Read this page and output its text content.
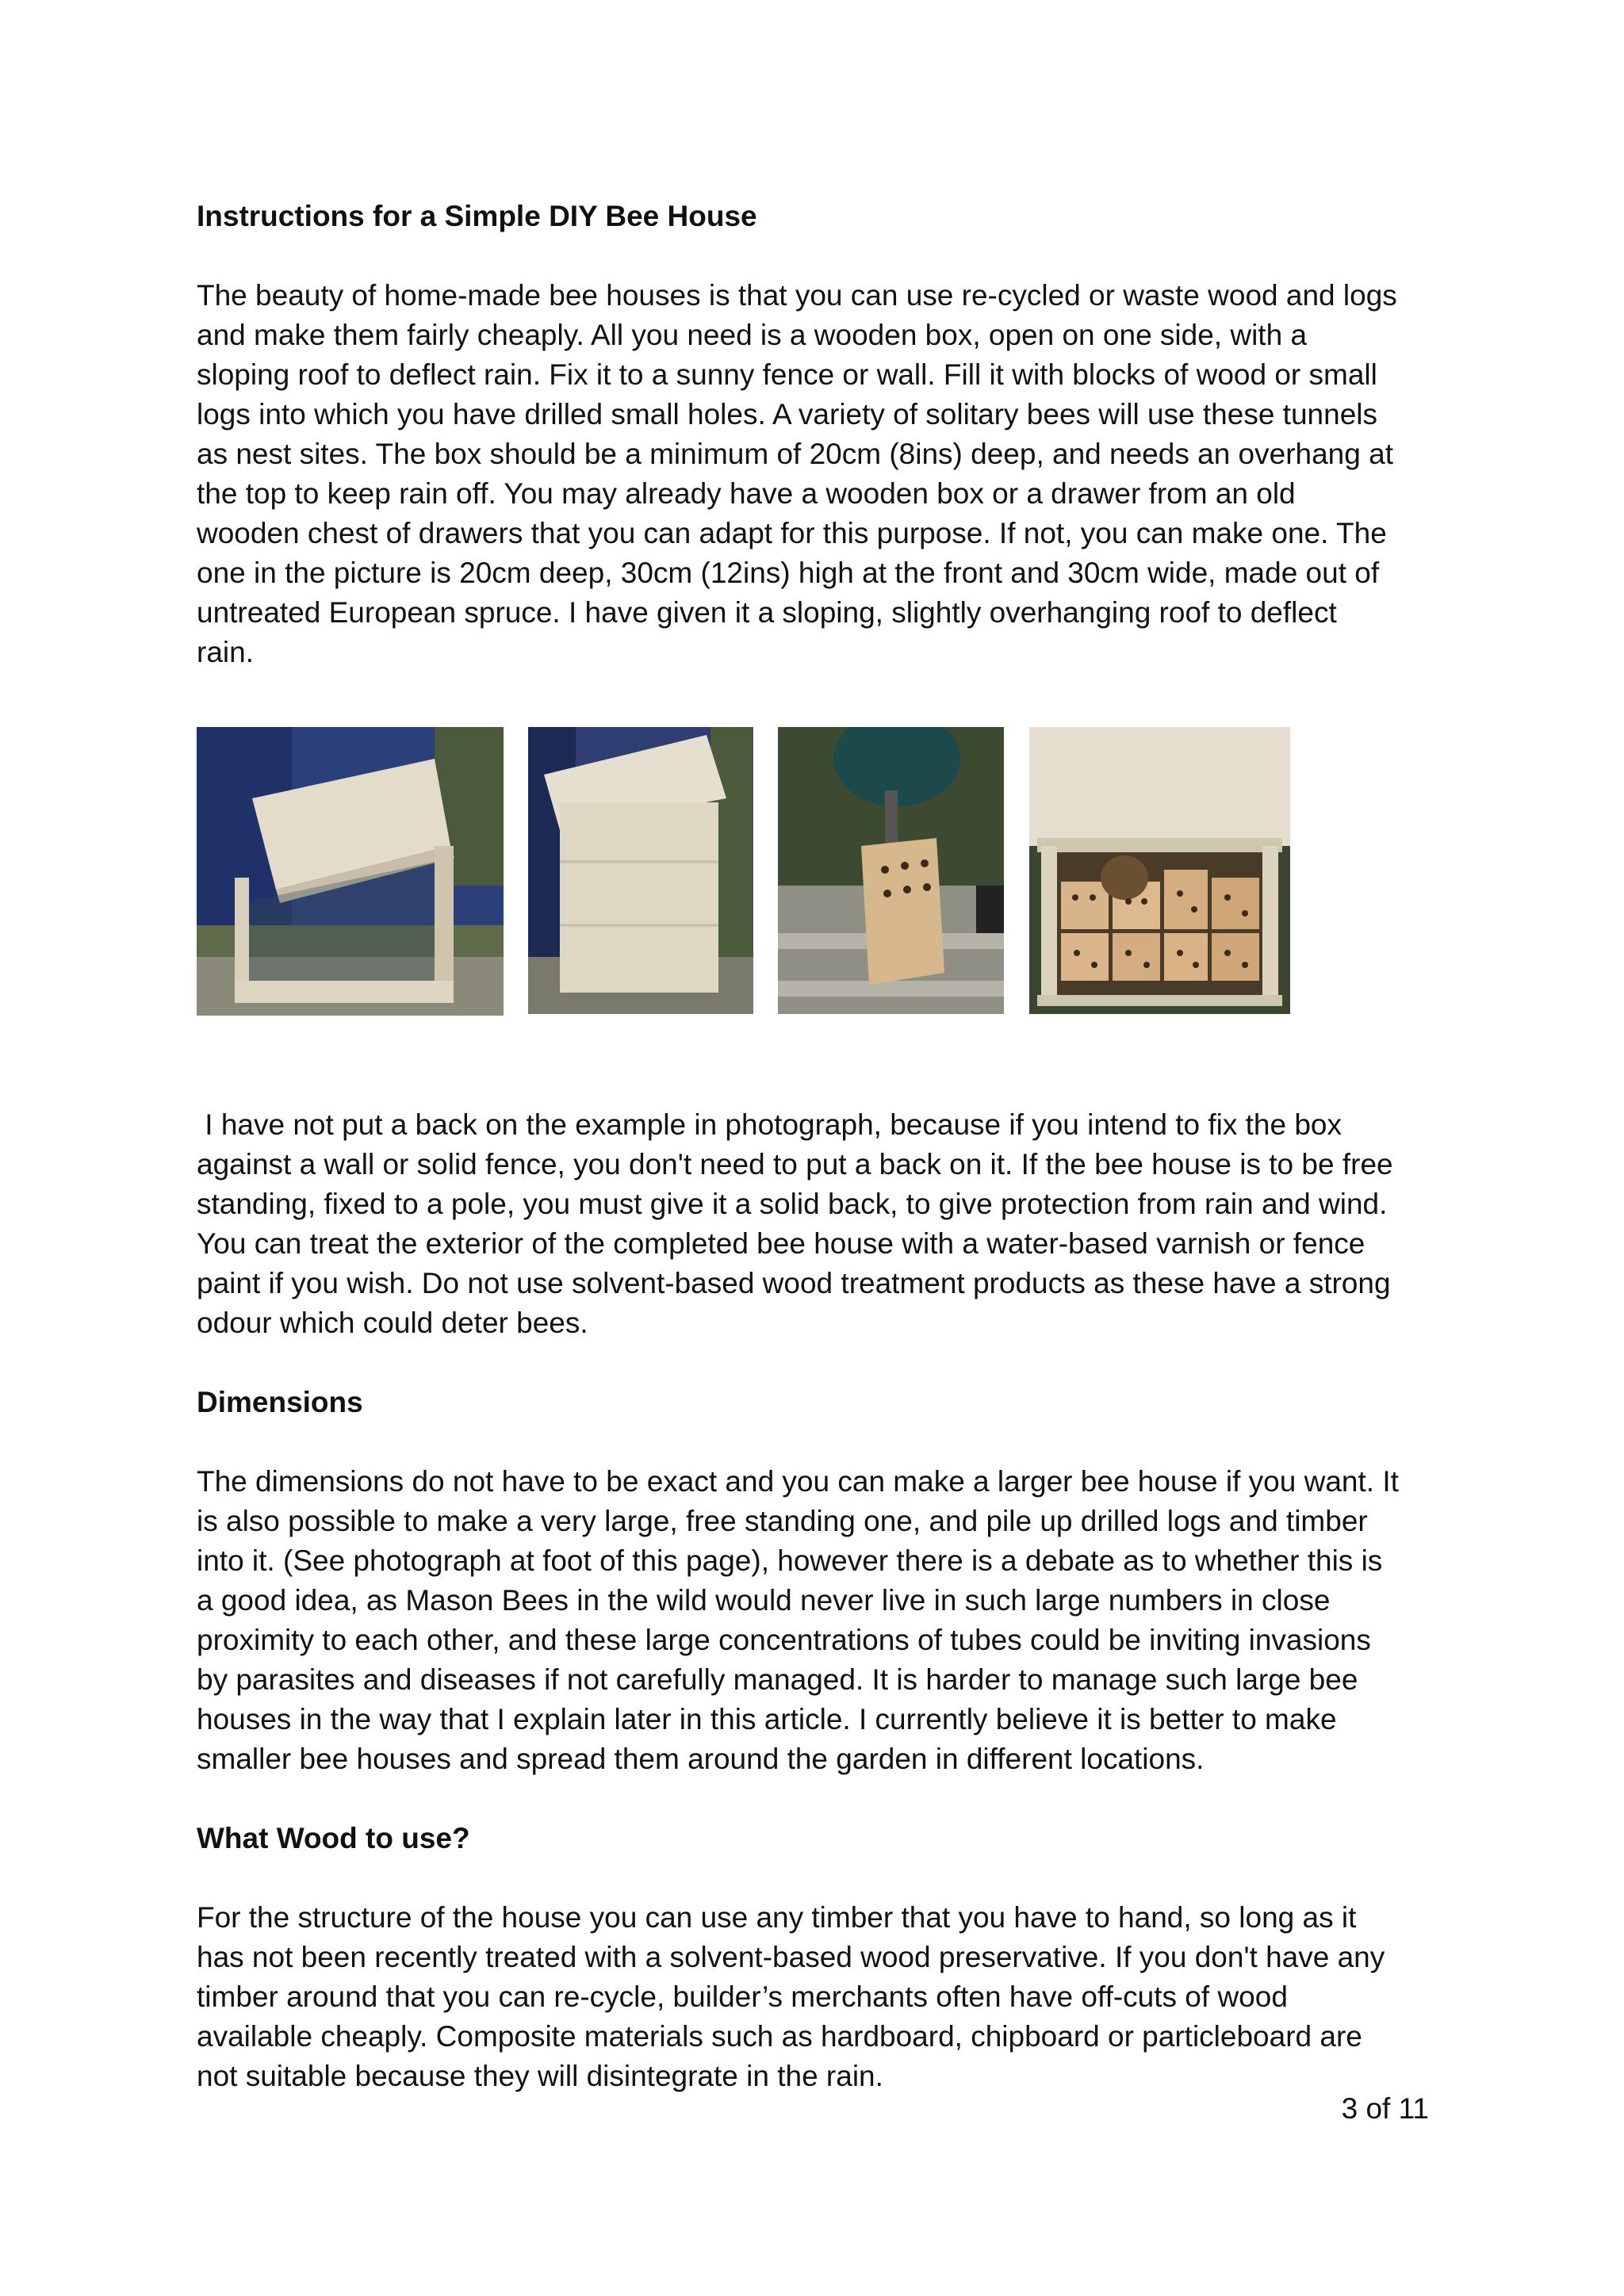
Instructions for a Simple DIY Bee House

The beauty of home-made bee houses is that you can use re-cycled or waste wood and logs

and make them fairly cheaply. All you need is a wooden box, open on one side, with a

sloping roof to deflect rain. Fix it to a sunny fence or wall. Fill it with blocks of wood or small

logs into which you have drilled small holes. A variety of solitary bees will use these tunnels

as nest sites. The box should be a minimum of 20cm (8ins) deep, and needs an overhang at

the top to keep rain off. You may already have a wooden box or a drawer from an old

wooden chest of drawers that you can adapt for this purpose. If not, you can make one. The

one in the picture is 20cm deep, 30cm (12ins) high at the front and 30cm wide, made out of

untreated European spruce. I have given it a sloping, slightly overhanging roof to deflect

rain.

I have not put a back on the example in photograph, because if you intend to fix the box

against a wall or solid fence, you don't need to put a back on it. If the bee house is to be free

standing, fixed to a pole, you must give it a solid back, to give protection from rain and wind.

You can treat the exterior of the completed bee house with a water-based varnish or fence

paint if you wish. Do not use solvent-based wood treatment products as these have a strong

odour which could deter bees.

Dimensions

The dimensions do not have to be exact and you can make a larger bee house if you want. It

is also possible to make a very large, free standing one, and pile up drilled logs and timber

into it. (See photograph at foot of this page), however there is a debate as to whether this is

a good idea, as Mason Bees in the wild would never live in such large numbers in close

proximity to each other, and these large concentrations of tubes could be inviting invasions

by parasites and diseases if not carefully managed. It is harder to manage such large bee

houses in the way that I explain later in this article. I currently believe it is better to make

smaller bee houses and spread them around the garden in different locations.

What Wood to use?

For the structure of the house you can use any timber that you have to hand, so long as it

has not been recently treated with a solvent-based wood preservative. If you don't have any

timber around that you can re-cycle, builder’s merchants often have off-cuts of wood

available cheaply. Composite materials such as hardboard, chipboard or particleboard are

not suitable because they will disintegrate in the rain.

3 of 11
